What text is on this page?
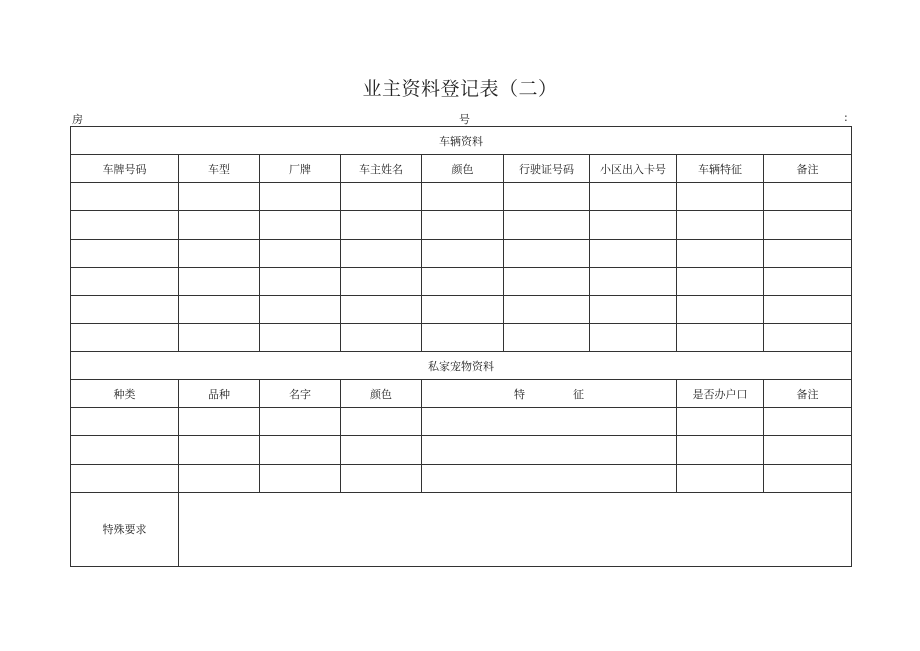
业主资料登记表（二）
房	号	:
车辆资料								
车牌号码	车型	厂牌	车主姓名	颜色	行驶证号码	小区出入卡号	车辆特征	备注

私家宠物资料								
种类	品种	名字	颜色	特 征			是否办户口	备注

特殊要求								
